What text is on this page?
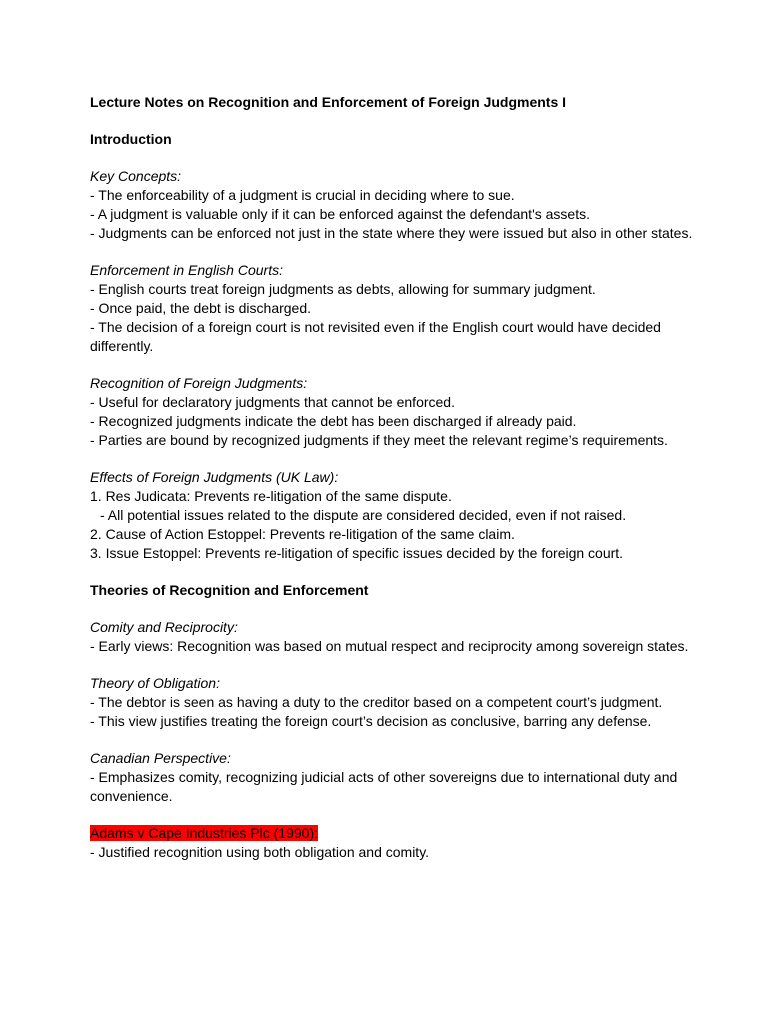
Lecture Notes on Recognition and Enforcement of Foreign Judgments I

Introduction

Key Concepts:

- The enforceability of a judgment is crucial in deciding where to sue.

- A judgment is valuable only if it can be enforced against the defendant's assets.

- Judgments can be enforced not just in the state where they were issued but also in other states.

Enforcement in English Courts:

- English courts treat foreign judgments as debts, allowing for summary judgment.

- Once paid, the debt is discharged.

- The decision of a foreign court is not revisited even if the English court would have decided differently.

Recognition of Foreign Judgments:

- Useful for declaratory judgments that cannot be enforced.

- Recognized judgments indicate the debt has been discharged if already paid.

- Parties are bound by recognized judgments if they meet the relevant regime’s requirements.

Effects of Foreign Judgments (UK Law):

1. Res Judicata: Prevents re-litigation of the same dispute.

- All potential issues related to the dispute are considered decided, even if not raised.

2. Cause of Action Estoppel: Prevents re-litigation of the same claim.

3. Issue Estoppel: Prevents re-litigation of specific issues decided by the foreign court.

Theories of Recognition and Enforcement

Comity and Reciprocity:

- Early views: Recognition was based on mutual respect and reciprocity among sovereign states.

Theory of Obligation:

- The debtor is seen as having a duty to the creditor based on a competent court’s judgment.

- This view justifies treating the foreign court’s decision as conclusive, barring any defense.

Canadian Perspective:

- Emphasizes comity, recognizing judicial acts of other sovereigns due to international duty and convenience.

Adams v Cape Industries Plc (1990):

- Justified recognition using both obligation and comity.
